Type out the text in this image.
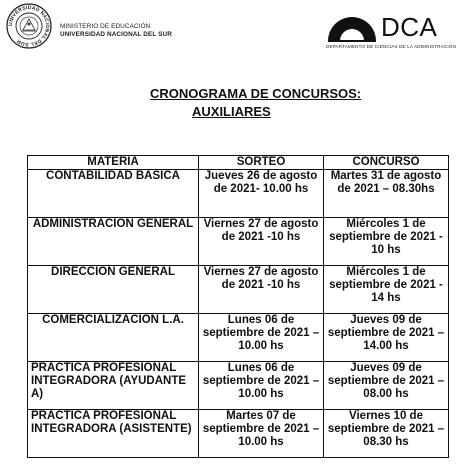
UNIVERSIDAD NACIONAL DEL SUR
MINISTERIO DE EDUCACIÓN
UNIVERSIDAD NACIONAL DEL SUR	DCA
DEPARTAMENTO DE CIENCIAS DE LA ADMINISTRACIÓN
CRONOGRAMA DE CONCURSOS:
AUXILIARES
MATERIA	SORTEO	CONCURSO
CONTABILIDAD BASICA	Jueves 26 de agosto de 2021- 10.00 hs	Martes 31 de agosto de 2021 – 08.30hs
ADMINISTRACION GENERAL	Viernes 27 de agosto de 2021 -10 hs	Miércoles 1 de septiembre de 2021 - 10 hs
DIRECCION GENERAL	Viernes 27 de agosto de 2021 -10 hs	Miércoles 1 de septiembre de 2021 - 14 hs
COMERCIALIZACION L.A.	Lunes 06 de septiembre de 2021 – 10.00 hs	Jueves 09 de septiembre de 2021 – 14.00 hs
PRACTICA PROFESIONAL INTEGRADORA (AYUDANTE A)	Lunes 06 de septiembre de 2021 – 10.00 hs	Jueves 09 de septiembre de 2021 – 08.00 hs
PRACTICA PROFESIONAL INTEGRADORA (ASISTENTE)	Martes 07 de septiembre de 2021 – 10.00 hs	Viernes 10 de septiembre de 2021 – 08.30 hs
